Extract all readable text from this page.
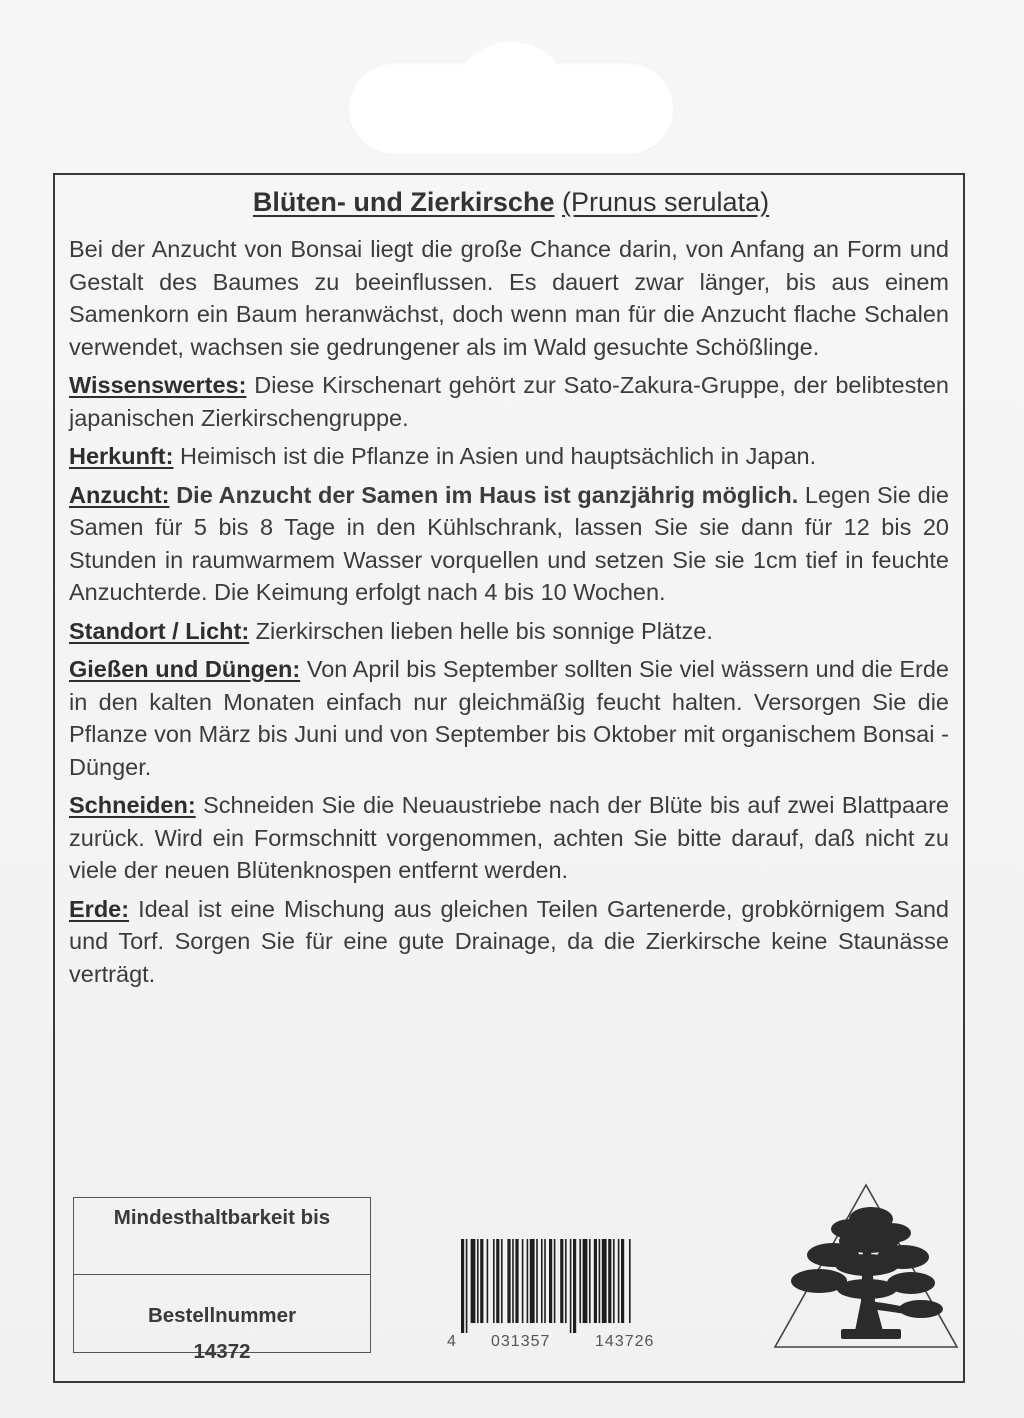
Blüten- und Zierkirsche (Prunus serulata)

Bei der Anzucht von Bonsai liegt die große Chance darin, von Anfang an Form und Gestalt des Baumes zu beeinflussen. Es dauert zwar länger, bis aus einem Samenkorn ein Baum heranwächst, doch wenn man für die Anzucht flache Schalen verwendet, wachsen sie gedrungener als im Wald gesuchte Schößlinge.

Wissenswertes: Diese Kirschenart gehört zur Sato-Zakura-Gruppe, der belibtesten japanischen Zierkirschengruppe.

Herkunft: Heimisch ist die Pflanze in Asien und hauptsächlich in Japan.

Anzucht: Die Anzucht der Samen im Haus ist ganzjährig möglich. Legen Sie die Samen für 5 bis 8 Tage in den Kühlschrank, lassen Sie sie dann für 12 bis 20 Stunden in raumwarmem Wasser vorquellen und setzen Sie sie 1cm tief in feuchte Anzuchterde. Die Keimung erfolgt nach 4 bis 10 Wochen.

Standort / Licht: Zierkirschen lieben helle bis sonnige Plätze.

Gießen und Düngen: Von April bis September sollten Sie viel wässern und die Erde in den kalten Monaten einfach nur gleichmäßig feucht halten. Versorgen Sie die Pflanze von März bis Juni und von September bis Oktober mit organischem Bonsai - Dünger.

Schneiden: Schneiden Sie die Neuaustriebe nach der Blüte bis auf zwei Blattpaare zurück. Wird ein Formschnitt vorgenommen, achten Sie bitte darauf, daß nicht zu viele der neuen Blütenknospen entfernt werden.

Erde: Ideal ist eine Mischung aus gleichen Teilen Gartenerde, grobkörnigem Sand und Torf. Sorgen Sie für eine gute Drainage, da die Zierkirsche keine Staunässe verträgt.

Mindesthaltbarkeit bis
Bestellnummer
14372	4 031357	143726
